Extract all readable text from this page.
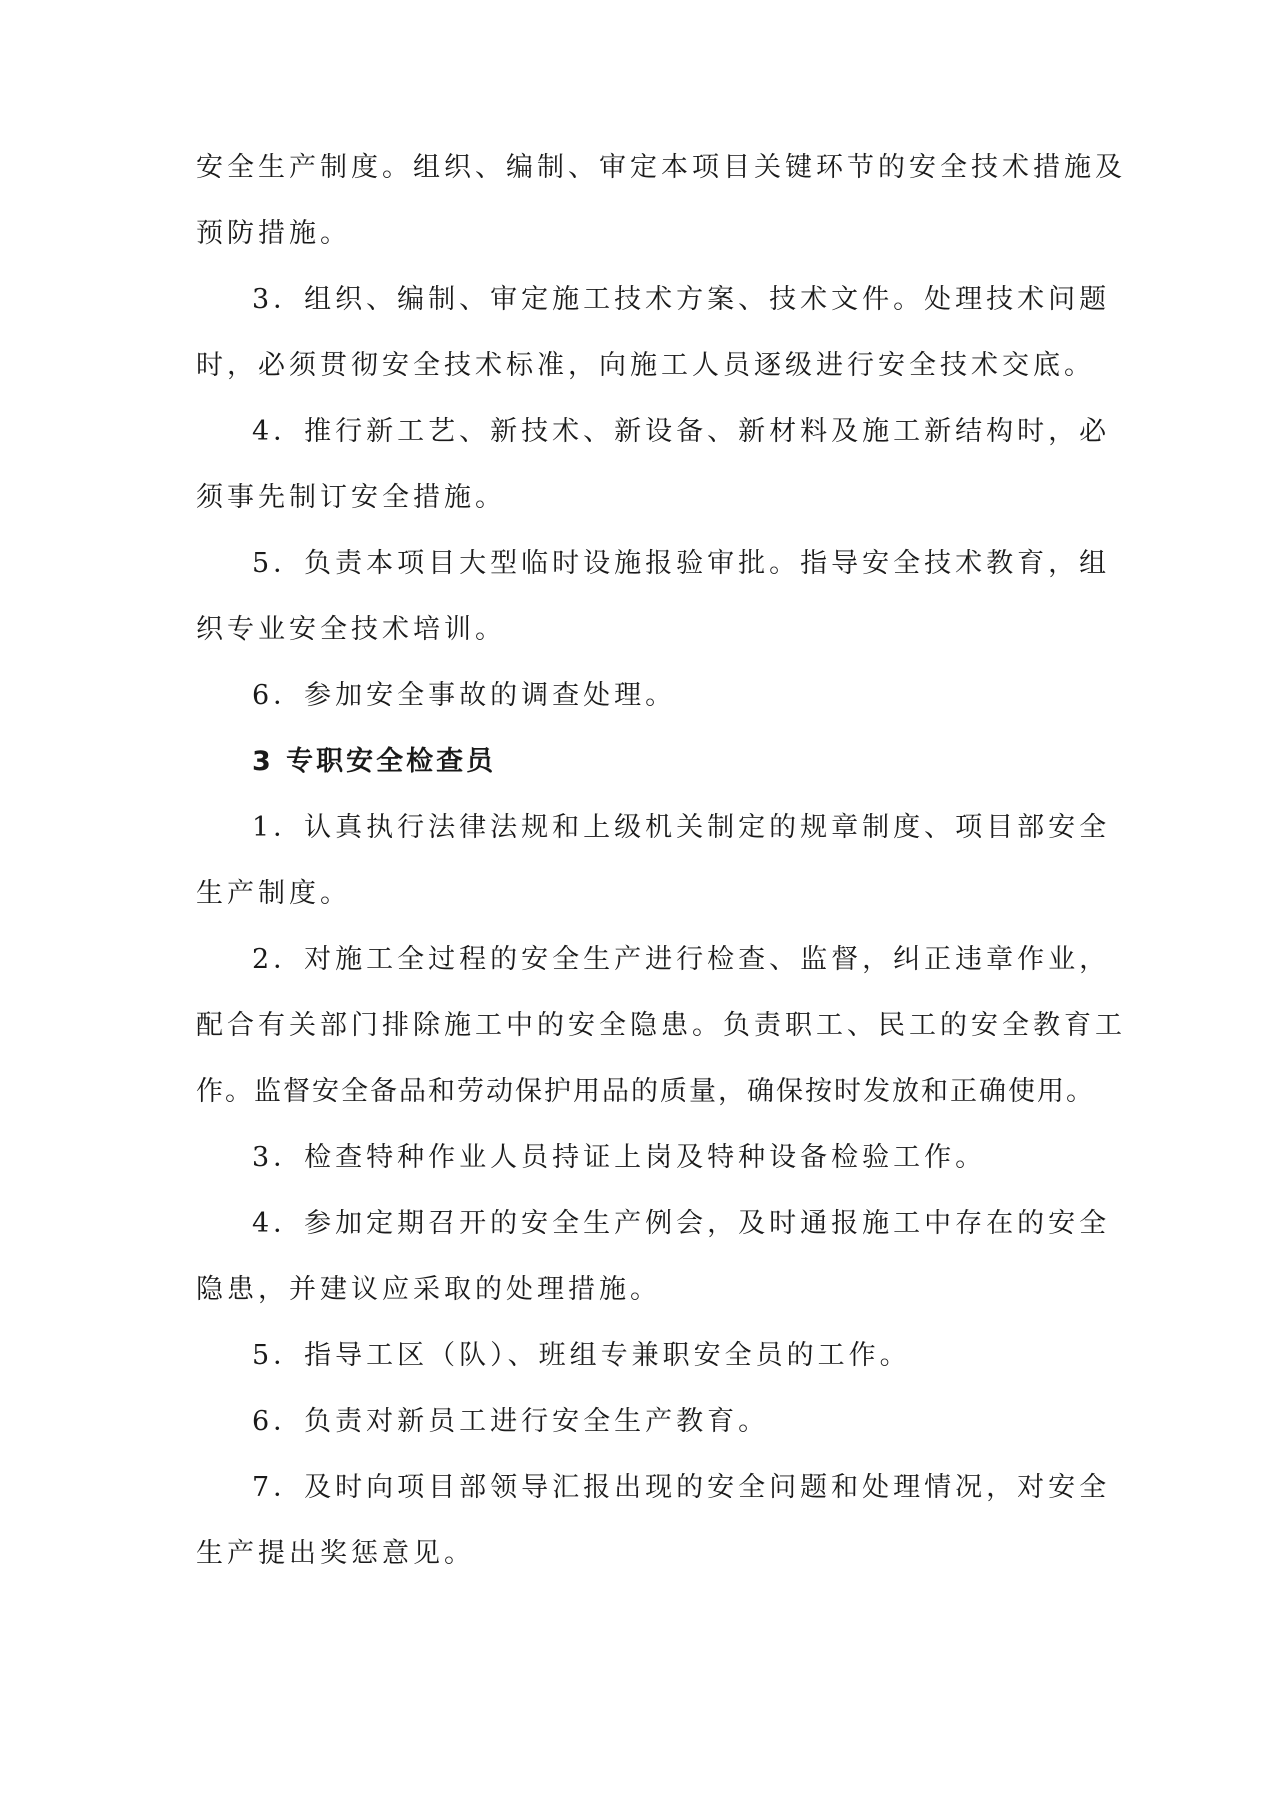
安全生产制度。组织、编制、审定本项目关键环节的安全技术措施及
预防措施。
3．组织、编制、审定施工技术方案、技术文件。处理技术问题
时，必须贯彻安全技术标准，向施工人员逐级进行安全技术交底。
4．推行新工艺、新技术、新设备、新材料及施工新结构时，必
须事先制订安全措施。
5．负责本项目大型临时设施报验审批。指导安全技术教育，组
织专业安全技术培训。
6．参加安全事故的调查处理。
3 专职安全检查员
1．认真执行法律法规和上级机关制定的规章制度、项目部安全
生产制度。
2．对施工全过程的安全生产进行检查、监督，纠正违章作业，
配合有关部门排除施工中的安全隐患。负责职工、民工的安全教育工
作。监督安全备品和劳动保护用品的质量，确保按时发放和正确使用。
3．检查特种作业人员持证上岗及特种设备检验工作。
4．参加定期召开的安全生产例会，及时通报施工中存在的安全
隐患，并建议应采取的处理措施。
5．指导工区（队）、班组专兼职安全员的工作。
6．负责对新员工进行安全生产教育。
7．及时向项目部领导汇报出现的安全问题和处理情况，对安全
生产提出奖惩意见。
